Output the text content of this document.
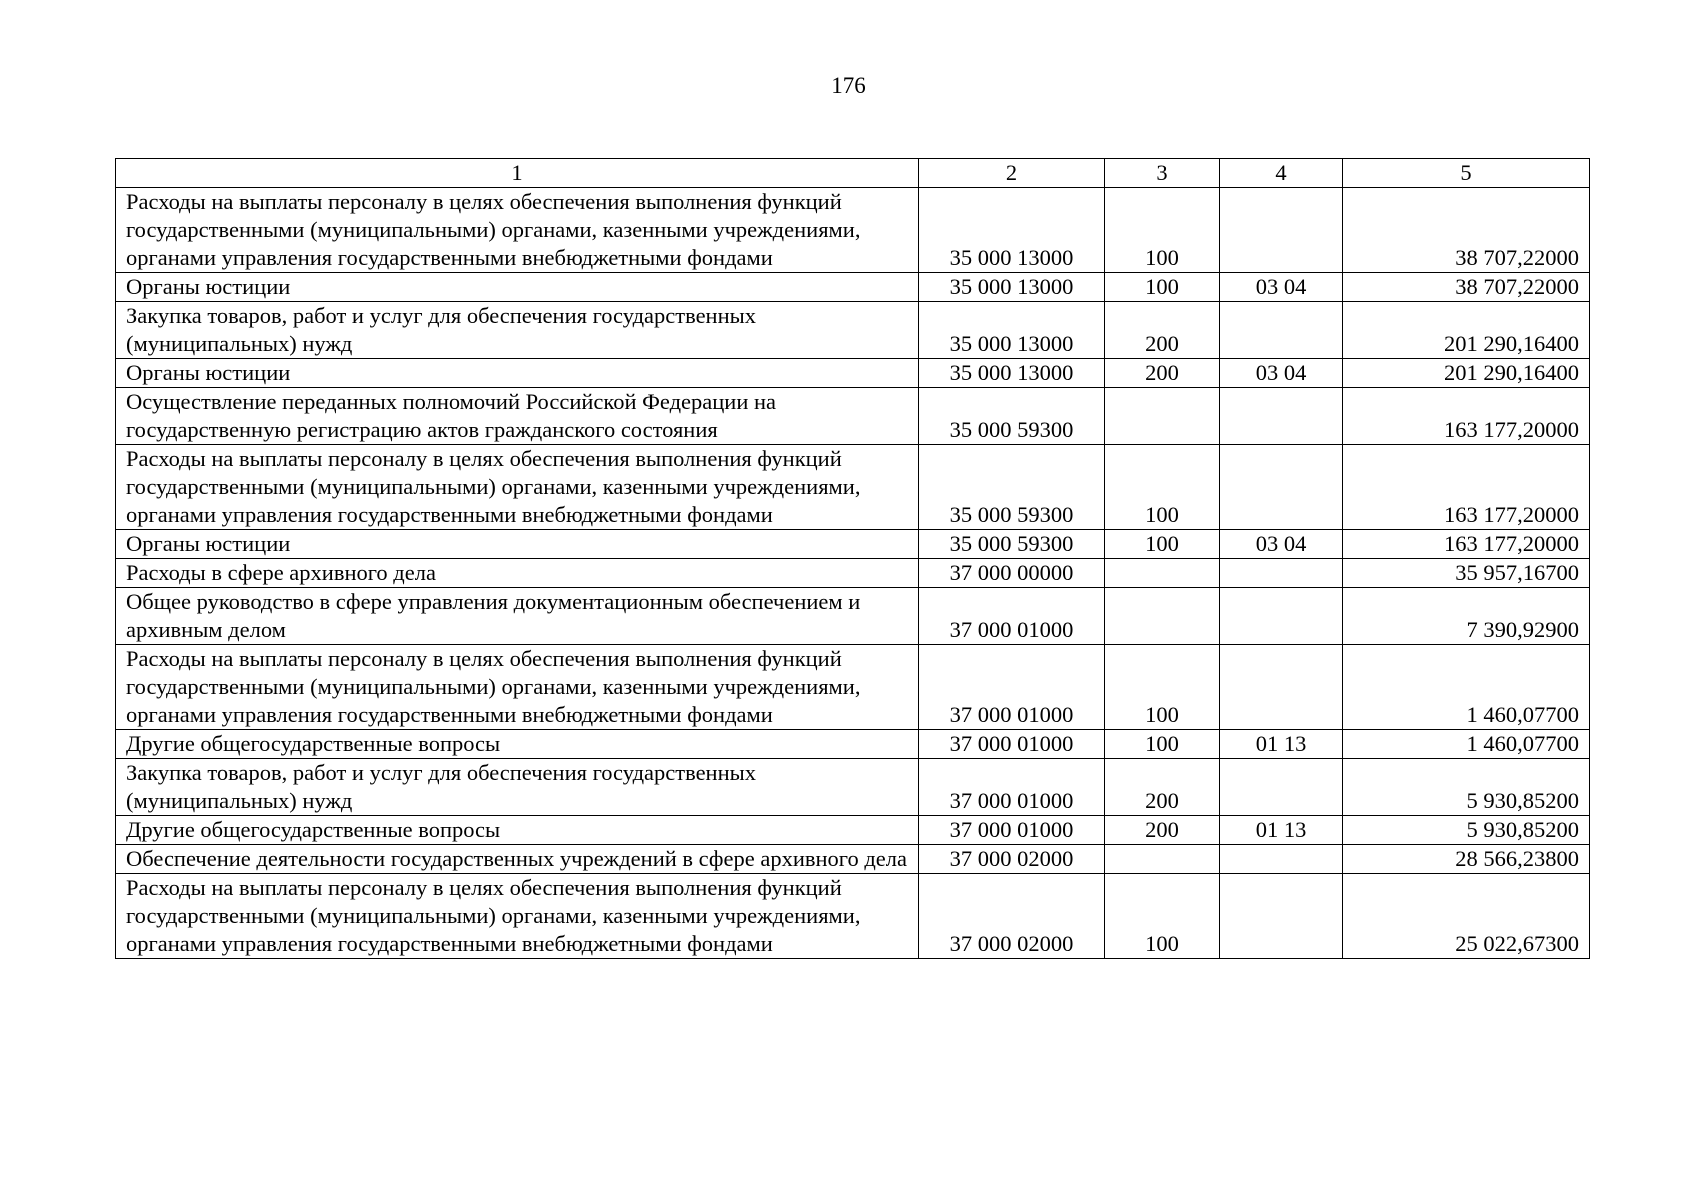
176
1	2	3	4	5
Расходы на выплаты персоналу в целях обеспечения выполнения функций государственными (муниципальными) органами, казенными учреждениями, органами управления государственными внебюджетными фондами	35 000 13000	100		38 707,22000
Органы юстиции	35 000 13000	100	03 04	38 707,22000
Закупка товаров, работ и услуг для обеспечения государственных (муниципальных) нужд	35 000 13000	200		201 290,16400
Органы юстиции	35 000 13000	200	03 04	201 290,16400
Осуществление переданных полномочий Российской Федерации на государственную регистрацию актов гражданского состояния	35 000 59300			163 177,20000
Расходы на выплаты персоналу в целях обеспечения выполнения функций государственными (муниципальными) органами, казенными учреждениями, органами управления государственными внебюджетными фондами	35 000 59300	100		163 177,20000
Органы юстиции	35 000 59300	100	03 04	163 177,20000
Расходы в сфере архивного дела	37 000 00000			35 957,16700
Общее руководство в сфере управления документационным обеспечением и архивным делом	37 000 01000			7 390,92900
Расходы на выплаты персоналу в целях обеспечения выполнения функций государственными (муниципальными) органами, казенными учреждениями, органами управления государственными внебюджетными фондами	37 000 01000	100		1 460,07700
Другие общегосударственные вопросы	37 000 01000	100	01 13	1 460,07700
Закупка товаров, работ и услуг для обеспечения государственных (муниципальных) нужд	37 000 01000	200		5 930,85200
Другие общегосударственные вопросы	37 000 01000	200	01 13	5 930,85200
Обеспечение деятельности государственных учреждений в сфере архивного дела	37 000 02000			28 566,23800
Расходы на выплаты персоналу в целях обеспечения выполнения функций государственными (муниципальными) органами, казенными учреждениями, органами управления государственными внебюджетными фондами	37 000 02000	100		25 022,67300
